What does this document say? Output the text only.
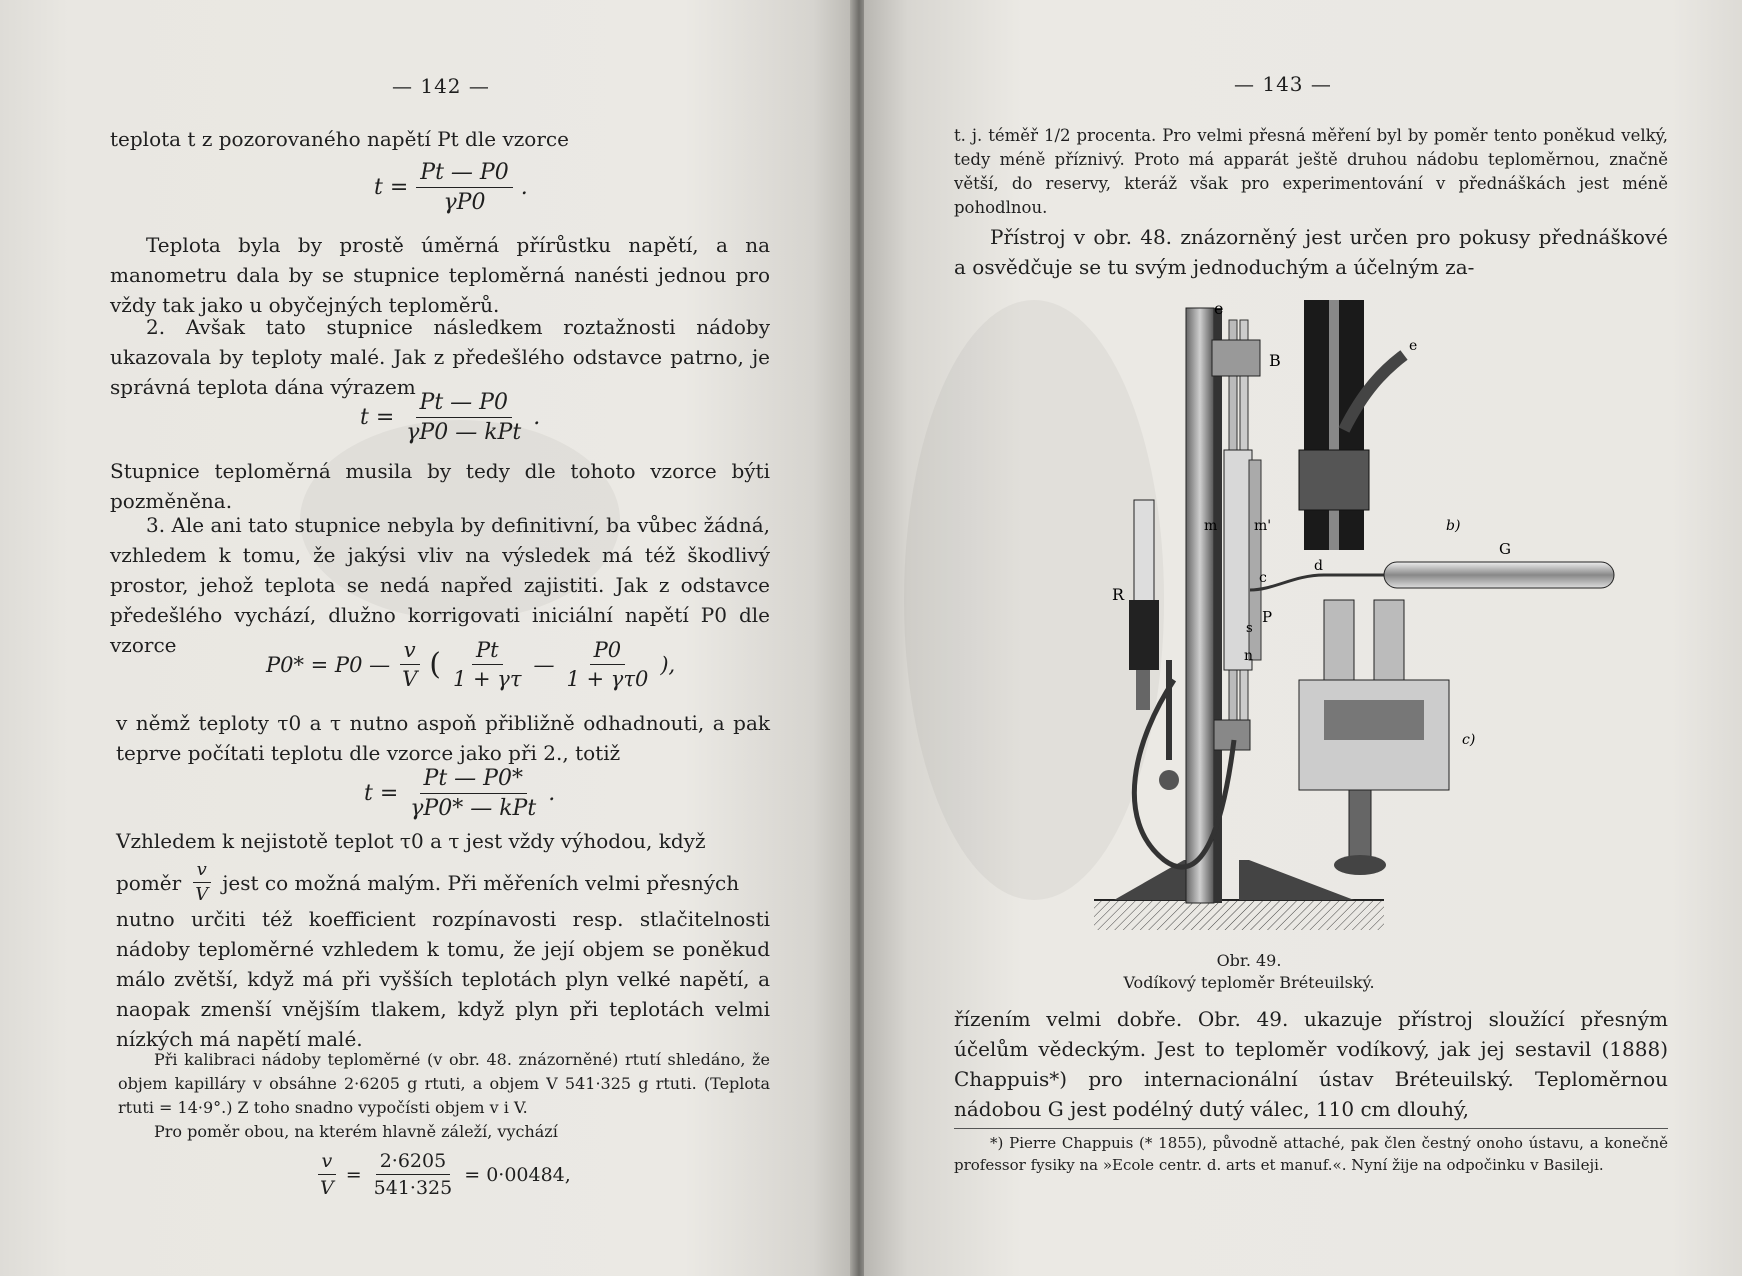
— 142 —

teplota t z pozorovaného napětí Pt dle vzorce

$t = \frac{Pt — P0}{\gamma P0}$ .

Teplota byla by prostě úměrná přírůstku napětí, a na manometru dala by se stupnice teploměrná nanésti jednou pro vždy tak jako u obyčejných teploměrů.

2. Avšak tato stupnice následkem roztažnosti nádoby ukazovala by teploty malé. Jak z předešlého odstavce patrno, je správná teplota dána výrazem

$t = \frac{Pt — P0}{\text{γP0 — kPt}}$ .

Stupnice teploměrná musila by tedy dle tohoto vzorce býti pozměněna.

3. Ale ani tato stupnice nebyla by definitivní, ba vůbec žádná, vzhledem k tomu, že jakýsi vliv na výsledek má též škodlivý prostor, jehož teplota se nedá napřed zajistiti. Jak z odstavce předešlého vychází, dlužno korrigovati iniciální napětí P0 dle vzorce

P0* = P0 — $\frac{v}{V}$ ( $\frac{Pt}{1 + \gamma\tau}$ — $\frac{P0}{1 + \gamma\tau 0}$ ),

v němž teploty τ0 a τ nutno aspoň přibližně odhadnouti, a pak teprve počítati teplotu dle vzorce jako při 2., totiž

$t = \frac{Pt — P0*}{\text{γP0* — kPt}}$ .

Vzhledem k nejistotě teplot τ0 a τ jest vždy výhodou, když

poměr $\frac{v}{V}$ jest co možná malým. Při měřeních velmi přesných

nutno určiti též koefficient rozpínavosti resp. stlačitelnosti nádoby teploměrné vzhledem k tomu, že její objem se poněkud málo zvětší, když má při vyšších teplotách plyn velké napětí, a naopak zmenší vnějším tlakem, když plyn při teplotách velmi nízkých má napětí malé.

Při kalibraci nádoby teploměrné (v obr. 48. znázorněné) rtutí shledáno, že objem kapilláry v obsáhne 2·6205 g rtuti, a objem V 541·325 g rtuti. (Teplota rtuti = 14·9°.) Z toho snadno vypočísti objem v i V.

Pro poměr obou, na kterém hlavně záleží, vychází

$\frac{v}{V} = \frac{2\cdot 6205}{541\cdot 325} = 0\cdot 00484$,
— 143 —

t. j. téměř 1/2 procenta. Pro velmi přesná měření byl by poměr tento poněkud velký, tedy méně příznivý. Proto má apparát ještě druhou nádobu teploměrnou, značně větší, do reservy, kteráž však pro experimentování v přednáškách jest méně pohodlnou.

Přístroj v obr. 48. znázorněný jest určen pro pokusy přednáškové a osvědčuje se tu svým jednoduchým a účelným za-

e
B
m	m'
R
c
d
G
P
s
n
e
b)
c)
Obr. 49.
Vodíkový teploměr Bréteuilský.

řízením velmi dobře. Obr. 49. ukazuje přístroj sloužící přesným účelům vědeckým. Jest to teploměr vodíkový, jak jej sestavil (1888) Chappuis*) pro internacionální ústav Bréteuilský. Teploměrnou nádobou G jest podélný dutý válec, 110 cm dlouhý,

*) Pierre Chappuis (* 1855), původně attaché, pak člen čestný onoho ústavu, a konečně professor fysiky na »Ecole centr. d. arts et manuf.«. Nyní žije na odpočinku v Basileji.
